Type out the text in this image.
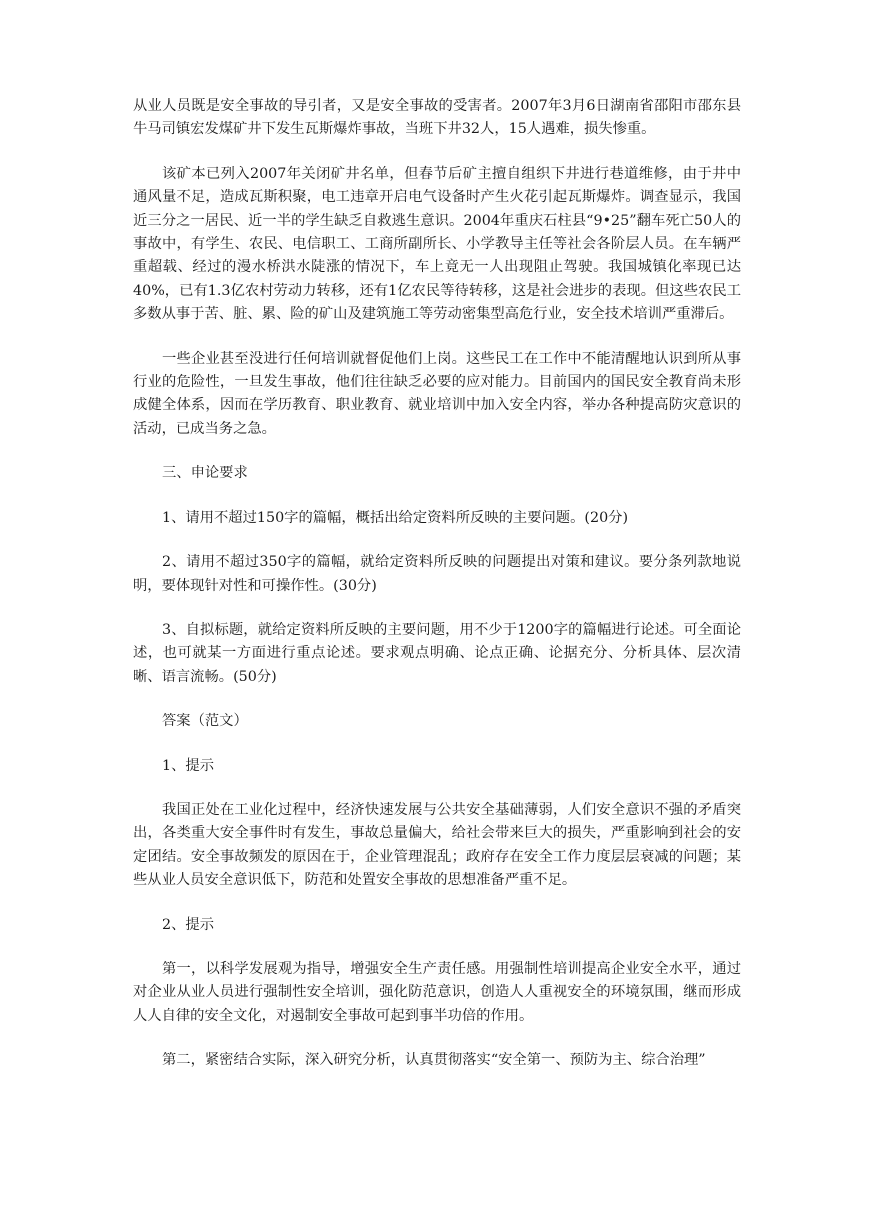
从业人员既是安全事故的导引者，又是安全事故的受害者。2007年3月6日湖南省邵阳市邵东县牛马司镇宏发煤矿井下发生瓦斯爆炸事故，当班下井32人，15人遇难，损失惨重。

该矿本已列入2007年关闭矿井名单，但春节后矿主擅自组织下井进行巷道维修，由于井中通风量不足，造成瓦斯积聚，电工违章开启电气设备时产生火花引起瓦斯爆炸。调查显示，我国近三分之一居民、近一半的学生缺乏自救逃生意识。2004年重庆石柱县“9•25”翻车死亡50人的事故中，有学生、农民、电信职工、工商所副所长、小学教导主任等社会各阶层人员。在车辆严重超载、经过的漫水桥洪水陡涨的情况下，车上竟无一人出现阻止驾驶。我国城镇化率现已达40%，已有1.3亿农村劳动力转移，还有1亿农民等待转移，这是社会进步的表现。但这些农民工多数从事于苦、脏、累、险的矿山及建筑施工等劳动密集型高危行业，安全技术培训严重滞后。

一些企业甚至没进行任何培训就督促他们上岗。这些民工在工作中不能清醒地认识到所从事行业的危险性，一旦发生事故，他们往往缺乏必要的应对能力。目前国内的国民安全教育尚未形成健全体系，因而在学历教育、职业教育、就业培训中加入安全内容，举办各种提高防灾意识的活动，已成当务之急。

三、申论要求

1、请用不超过150字的篇幅，概括出给定资料所反映的主要问题。(20分)

2、请用不超过350字的篇幅，就给定资料所反映的问题提出对策和建议。要分条列款地说明，要体现针对性和可操作性。(30分)

3、自拟标题，就给定资料所反映的主要问题，用不少于1200字的篇幅进行论述。可全面论述，也可就某一方面进行重点论述。要求观点明确、论点正确、论据充分、分析具体、层次清晰、语言流畅。(50分)

答案（范文）

1、提示

我国正处在工业化过程中，经济快速发展与公共安全基础薄弱，人们安全意识不强的矛盾突出，各类重大安全事件时有发生，事故总量偏大，给社会带来巨大的损失，严重影响到社会的安定团结。安全事故频发的原因在于，企业管理混乱；政府存在安全工作力度层层衰减的问题；某些从业人员安全意识低下，防范和处置安全事故的思想准备严重不足。

2、提示

第一，以科学发展观为指导，增强安全生产责任感。用强制性培训提高企业安全水平，通过对企业从业人员进行强制性安全培训，强化防范意识，创造人人重视安全的环境氛围，继而形成人人自律的安全文化，对遏制安全事故可起到事半功倍的作用。

第二，紧密结合实际，深入研究分析，认真贯彻落实“安全第一、预防为主、综合治理”
